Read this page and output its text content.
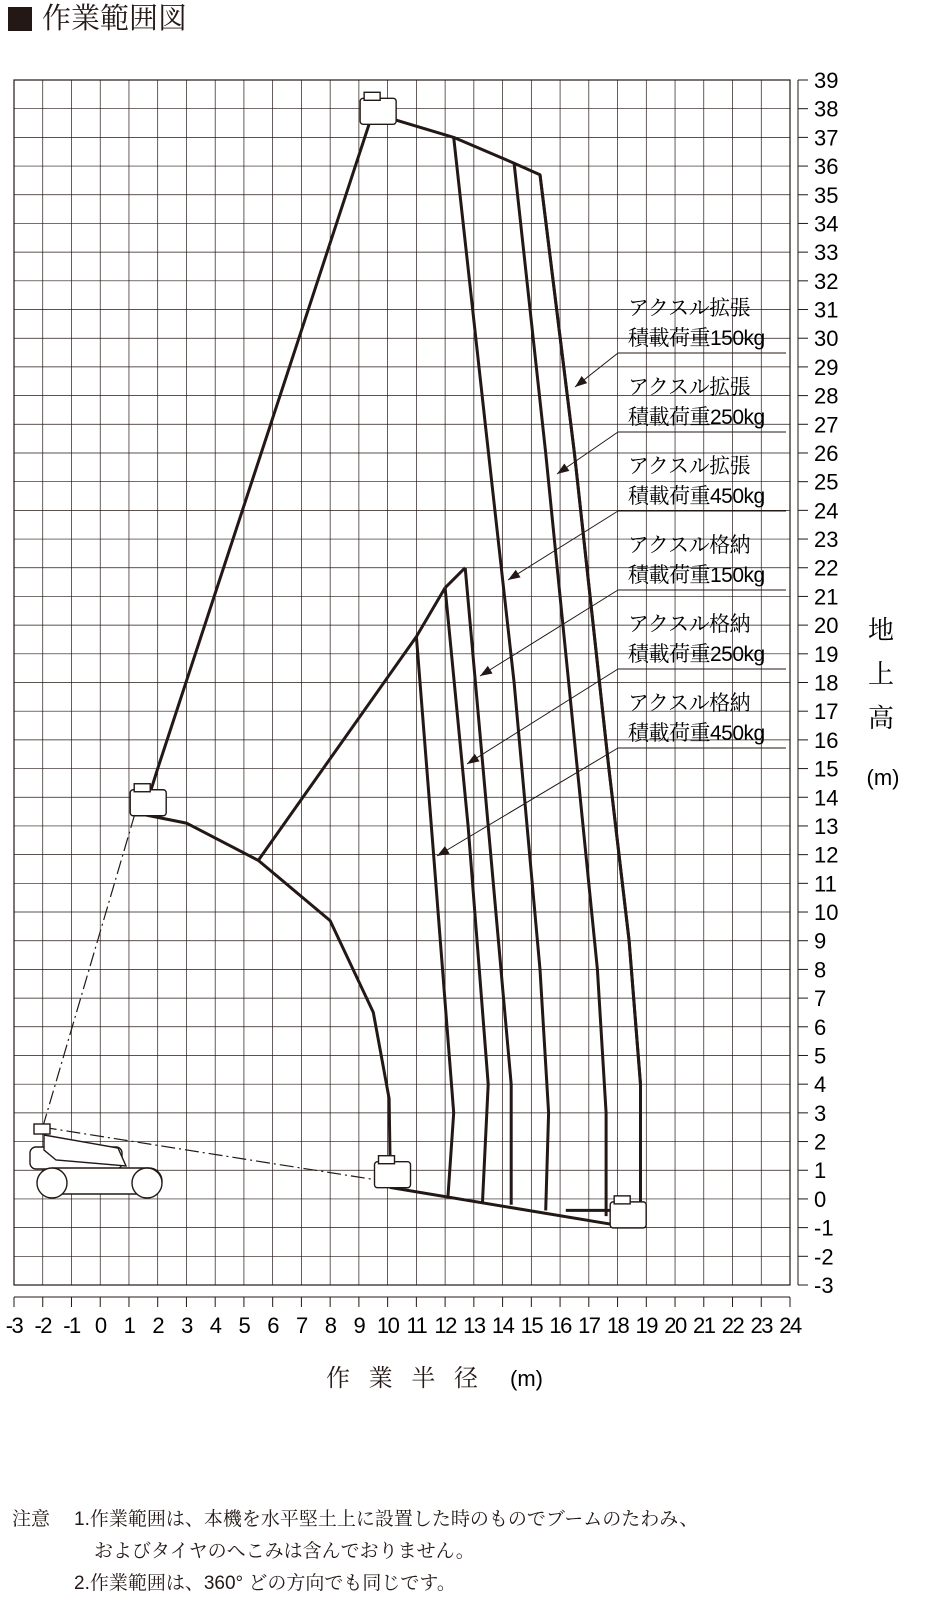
作業範囲図
-3 -2 -1 0 1 2 3 4 5 6 7 8 9 10 11 12 13 14 15 16 17 18 19 20 21 22 23 24
-3
-2
-1
0
1
2
3
4
5
6
7
8
9
10
11
12
13
14
15
16
17
18
19
20
21
22
23
24
25
26
27
28
29
30
31
32
33
34
35
36
37
38
39
アクスル拡張
積載荷重150kg
アクスル拡張
積載荷重250kg
アクスル拡張
積載荷重450kg
アクスル格納
積載荷重150kg
アクスル格納
積載荷重250kg
アクスル格納
積載荷重450kg
作 業 半 径 (m)
地
上
高
(m)
注意	1.作業範囲は、本機を水平堅土上に設置した時のものでブームのたわみ、
およびタイヤのへこみは含んでおりません。
2.作業範囲は、360° どの方向でも同じです。
